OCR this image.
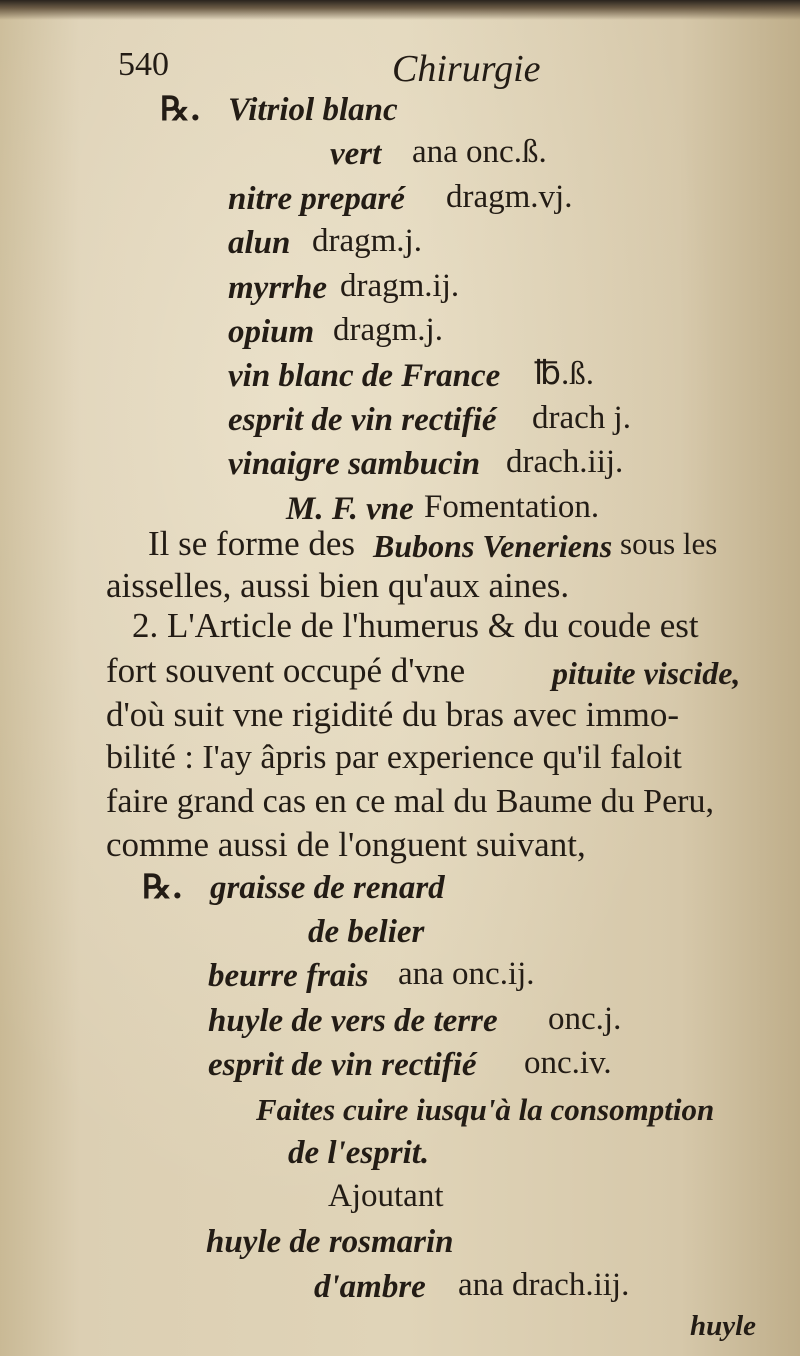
540	Chirurgie
℞. Vitriol blanc
vert ana onc.ß.
nitre preparé dragm.vj.
alun dragm.j.
myrrhe dragm.ij.
opium dragm.j.
vin blanc de France ℔.ß.
esprit de vin rectifié drach j.
vinaigre sambucin drach.iij.
M. F. vne Fomentation.
Il se forme des Bubons Veneriens sous les
aisselles, aussi bien qu'aux aines.
2. L'Article de l'humerus & du coude est
fort souvent occupé d'vne	pituite viscide,
d'où suit vne rigidité du bras avec immo-
bilité : I'ay âpris par experience qu'il faloit
faire grand cas en ce mal du Baume du Peru,
comme aussi de l'onguent suivant,
℞. graisse de renard
de belier
beurre frais ana onc.ij.
huyle de vers de terre onc.j.
esprit de vin rectifié onc.iv.
Faites cuire iusqu'à la consomption
de l'esprit.
Ajoutant
huyle de rosmarin
d'ambre ana drach.iij.
huyle
